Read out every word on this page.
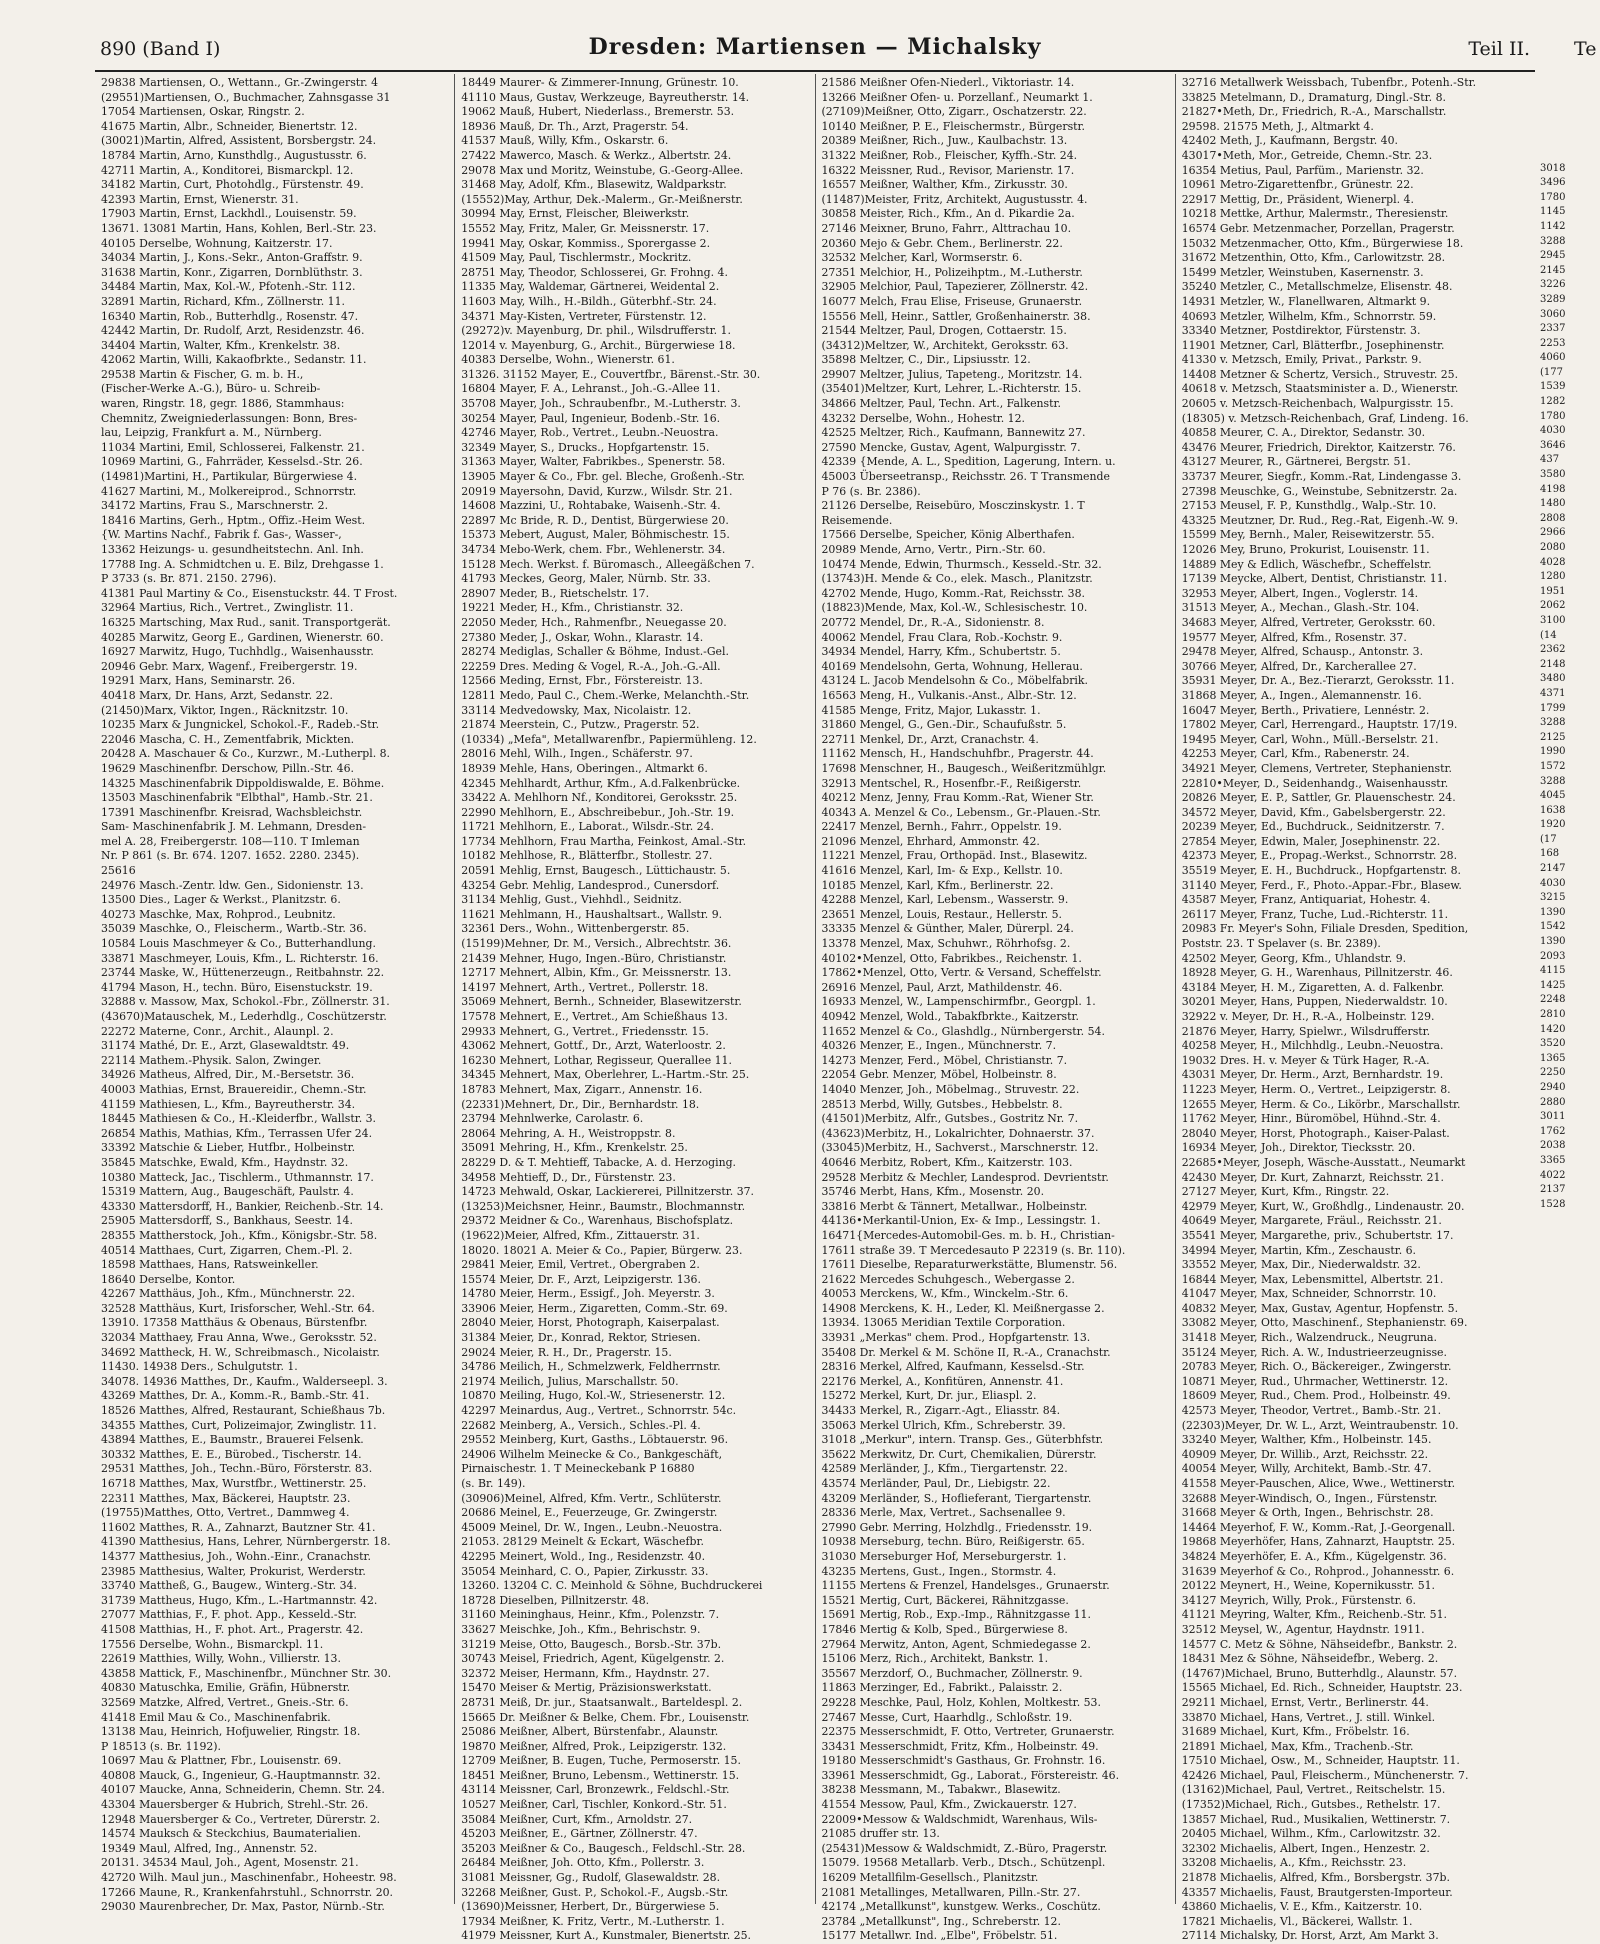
890 (Band I)	Dresden: Martiensen — Michalsky	Teil II. Te
29838 Martiensen, O., Wettann., Gr.-Zwingerstr. 4
(29551)Martiensen, O., Buchmacher, Zahnsgasse 31
17054 Martiensen, Oskar, Ringstr. 2.
41675 Martin, Albr., Schneider, Bienertstr. 12.
(30021)Martin, Alfred, Assistent, Borsbergstr. 24.
18784 Martin, Arno, Kunsthdlg., Augustusstr. 6.
42711 Martin, A., Konditorei, Bismarckpl. 12.
34182 Martin, Curt, Photohdlg., Fürstenstr. 49.
42393 Martin, Ernst, Wienerstr. 31.
17903 Martin, Ernst, Lackhdl., Louisenstr. 59.
13671. 13081 Martin, Hans, Kohlen, Berl.-Str. 23.
40105 Derselbe, Wohnung, Kaitzerstr. 17.
34034 Martin, J., Kons.-Sekr., Anton-Graffstr. 9.
31638 Martin, Konr., Zigarren, Dornblüthstr. 3.
34484 Martin, Max, Kol.-W., Pfotenh.-Str. 112.
32891 Martin, Richard, Kfm., Zöllnerstr. 11.
16340 Martin, Rob., Butterhdlg., Rosenstr. 47.
42442 Martin, Dr. Rudolf, Arzt, Residenzstr. 46.
34404 Martin, Walter, Kfm., Krenkelstr. 38.
42062 Martin, Willi, Kakaofbrkte., Sedanstr. 11.
29538 Martin & Fischer, G. m. b. H.,
(Fischer-Werke A.-G.), Büro- u. Schreib-
waren, Ringstr. 18, gegr. 1886, Stammhaus:
Chemnitz, Zweigniederlassungen: Bonn, Bres-
lau, Leipzig, Frankfurt a. M., Nürnberg.
11034 Martini, Emil, Schlosserei, Falkenstr. 21.
10969 Martini, G., Fahrräder, Kesselsd.-Str. 26.
(14981)Martini, H., Partikular, Bürgerwiese 4.
41627 Martini, M., Molkereiprod., Schnorrstr.
34172 Martins, Frau S., Marschnerstr. 2.
18416 Martins, Gerh., Hptm., Offiz.-Heim West.
{W. Martins Nachf., Fabrik f. Gas-, Wasser-,
13362 Heizungs- u. gesundheitstechn. Anl. Inh.
17788 Ing. A. Schmidtchen u. E. Bilz, Drehgasse 1.
P 3733 (s. Br. 871. 2150. 2796).
41381 Paul Martiny & Co., Eisenstuckstr. 44. T Frost.
32964 Martius, Rich., Vertret., Zwinglistr. 11.
16325 Martsching, Max Rud., sanit. Transportgerät.
40285 Marwitz, Georg E., Gardinen, Wienerstr. 60.
16927 Marwitz, Hugo, Tuchhdlg., Waisenhausstr.
20946 Gebr. Marx, Wagenf., Freibergerstr. 19.
19291 Marx, Hans, Seminarstr. 26.
40418 Marx, Dr. Hans, Arzt, Sedanstr. 22.
(21450)Marx, Viktor, Ingen., Räcknitzstr. 10.
10235 Marx & Jungnickel, Schokol.-F., Radeb.-Str.
22046 Mascha, C. H., Zementfabrik, Mickten.
20428 A. Maschauer & Co., Kurzwr., M.-Lutherpl. 8.
19629 Maschinenfbr. Derschow, Pilln.-Str. 46.
14325 Maschinenfabrik Dippoldiswalde, E. Böhme.
13503 Maschinenfabrik "Elbthal", Hamb.-Str. 21.
17391 Maschinenfbr. Kreisrad, Wachsbleichstr.
Sam- Maschinenfabrik J. M. Lehmann, Dresden-
mel A. 28, Freibergerstr. 108—110. T Imleman
Nr. P 861 (s. Br. 674. 1207. 1652. 2280. 2345).
25616
24976 Masch.-Zentr. ldw. Gen., Sidonienstr. 13.
13500 Dies., Lager & Werkst., Planitzstr. 6.
40273 Maschke, Max, Rohprod., Leubnitz.
35039 Maschke, O., Fleischerm., Wartb.-Str. 36.
10584 Louis Maschmeyer & Co., Butterhandlung.
33871 Maschmeyer, Louis, Kfm., L. Richterstr. 16.
23744 Maske, W., Hüttenerzeugn., Reitbahnstr. 22.
41794 Mason, H., techn. Büro, Eisenstuckstr. 19.
32888 v. Massow, Max, Schokol.-Fbr., Zöllnerstr. 31.
(43670)Matauschek, M., Lederhdlg., Coschützerstr.
22272 Materne, Conr., Archit., Alaunpl. 2.
31174 Mathé, Dr. E., Arzt, Glasewaldtstr. 49.
22114 Mathem.-Physik. Salon, Zwinger.
34926 Matheus, Alfred, Dir., M.-Bersetstr. 36.
40003 Mathias, Ernst, Brauereidir., Chemn.-Str.
41159 Mathiesen, L., Kfm., Bayreutherstr. 34.
18445 Mathiesen & Co., H.-Kleiderfbr., Wallstr. 3.
26854 Mathis, Mathias, Kfm., Terrassen Ufer 24.
33392 Matschie & Lieber, Hutfbr., Holbeinstr.
35845 Matschke, Ewald, Kfm., Haydnstr. 32.
10380 Matteck, Jac., Tischlerm., Uthmannstr. 17.
15319 Mattern, Aug., Baugeschäft, Paulstr. 4.
43330 Mattersdorff, H., Bankier, Reichenb.-Str. 14.
25905 Mattersdorff, S., Bankhaus, Seestr. 14.
28355 Mattherstock, Joh., Kfm., Königsbr.-Str. 58.
40514 Matthaes, Curt, Zigarren, Chem.-Pl. 2.
18598 Matthaes, Hans, Ratsweinkeller.
18640 Derselbe, Kontor.
42267 Matthäus, Joh., Kfm., Münchnerstr. 22.
32528 Matthäus, Kurt, Irisforscher, Wehl.-Str. 64.
13910. 17358 Matthäus & Obenaus, Bürstenfbr.
32034 Matthaey, Frau Anna, Wwe., Geroksstr. 52.
34692 Mattheck, H. W., Schreibmasch., Nicolaistr.
11430. 14938 Ders., Schulgutstr. 1.
34078. 14936 Matthes, Dr., Kaufm., Walderseepl. 3.
43269 Matthes, Dr. A., Komm.-R., Bamb.-Str. 41.
18526 Matthes, Alfred, Restaurant, Schießhaus 7b.
34355 Matthes, Curt, Polizeimajor, Zwinglistr. 11.
43894 Matthes, E., Baumstr., Brauerei Felsenk.
30332 Matthes, E. E., Bürobed., Tischerstr. 14.
29531 Matthes, Joh., Techn.-Büro, Försterstr. 83.
16718 Matthes, Max, Wurstfbr., Wettinerstr. 25.
22311 Matthes, Max, Bäckerei, Hauptstr. 23.
(19755)Matthes, Otto, Vertret., Dammweg 4.
11602 Matthes, R. A., Zahnarzt, Bautzner Str. 41.
41390 Matthesius, Hans, Lehrer, Nürnbergerstr. 18.
14377 Matthesius, Joh., Wohn.-Einr., Cranachstr.
23985 Matthesius, Walter, Prokurist, Werderstr.
33740 Mattheß, G., Baugew., Winterg.-Str. 34.
31739 Mattheus, Hugo, Kfm., L.-Hartmannstr. 42.
27077 Matthias, F., F. phot. App., Kesseld.-Str.
41508 Matthias, H., F. phot. Art., Pragerstr. 42.
17556 Derselbe, Wohn., Bismarckpl. 11.
22619 Matthies, Willy, Wohn., Villierstr. 13.
43858 Mattick, F., Maschinenfbr., Münchner Str. 30.
40830 Matuschka, Emilie, Gräfin, Hübnerstr.
32569 Matzke, Alfred, Vertret., Gneis.-Str. 6.
41418 Emil Mau & Co., Maschinenfabrik.
13138 Mau, Heinrich, Hofjuwelier, Ringstr. 18.
P 18513 (s. Br. 1192).
10697 Mau & Plattner, Fbr., Louisenstr. 69.
40808 Mauck, G., Ingenieur, G.-Hauptmannstr. 32.
40107 Maucke, Anna, Schneiderin, Chemn. Str. 24.
43304 Mauersberger & Hubrich, Strehl.-Str. 26.
12948 Mauersberger & Co., Vertreter, Dürerstr. 2.
14574 Mauksch & Steckchius, Baumaterialien.
19349 Maul, Alfred, Ing., Annenstr. 52.
20131. 34534 Maul, Joh., Agent, Mosenstr. 21.
42720 Wilh. Maul jun., Maschinenfabr., Hoheestr. 98.
17266 Maune, R., Krankenfahrstuhl., Schnorrstr. 20.
29030 Maurenbrecher, Dr. Max, Pastor, Nürnb.-Str.
18449 Maurer- & Zimmerer-Innung, Grünestr. 10.
41110 Maus, Gustav, Werkzeuge, Bayreutherstr. 14.
19062 Mauß, Hubert, Niederlass., Bremerstr. 53.
18936 Mauß, Dr. Th., Arzt, Pragerstr. 54.
41537 Mauß, Willy, Kfm., Oskarstr. 6.
27422 Mawerco, Masch. & Werkz., Albertstr. 24.
29078 Max und Moritz, Weinstube, G.-Georg-Allee.
31468 May, Adolf, Kfm., Blasewitz, Waldparkstr.
(15552)May, Arthur, Dek.-Malerm., Gr.-Meißnerstr.
30994 May, Ernst, Fleischer, Bleiwerkstr.
15552 May, Fritz, Maler, Gr. Meissnerstr. 17.
19941 May, Oskar, Kommiss., Sporergasse 2.
41509 May, Paul, Tischlermstr., Mockritz.
28751 May, Theodor, Schlosserei, Gr. Frohng. 4.
11335 May, Waldemar, Gärtnerei, Weidental 2.
11603 May, Wilh., H.-Bildh., Güterbhf.-Str. 24.
34371 May-Kisten, Vertreter, Fürstenstr. 12.
(29272)v. Mayenburg, Dr. phil., Wilsdrufferstr. 1.
12014 v. Mayenburg, G., Archit., Bürgerwiese 18.
40383 Derselbe, Wohn., Wienerstr. 61.
31326. 31152 Mayer, E., Couvertfbr., Bärenst.-Str. 30.
16804 Mayer, F. A., Lehranst., Joh.-G.-Allee 11.
35708 Mayer, Joh., Schraubenfbr., M.-Lutherstr. 3.
30254 Mayer, Paul, Ingenieur, Bodenb.-Str. 16.
42746 Mayer, Rob., Vertret., Leubn.-Neuostra.
32349 Mayer, S., Drucks., Hopfgartenstr. 15.
31363 Mayer, Walter, Fabrikbes., Spenerstr. 58.
13905 Mayer & Co., Fbr. gel. Bleche, Großenh.-Str.
20919 Mayersohn, David, Kurzw., Wilsdr. Str. 21.
14608 Mazzini, U., Rohtabake, Waisenh.-Str. 4.
22897 Mc Bride, R. D., Dentist, Bürgerwiese 20.
15373 Mebert, August, Maler, Böhmischestr. 15.
34734 Mebo-Werk, chem. Fbr., Wehlenerstr. 34.
15128 Mech. Werkst. f. Büromasch., Alleegäßchen 7.
41793 Meckes, Georg, Maler, Nürnb. Str. 33.
28907 Meder, B., Rietschelstr. 17.
19221 Meder, H., Kfm., Christianstr. 32.
22050 Meder, Hch., Rahmenfbr., Neuegasse 20.
27380 Meder, J., Oskar, Wohn., Klarastr. 14.
28274 Mediglas, Schaller & Böhme, Indust.-Gel.
22259 Dres. Meding & Vogel, R.-A., Joh.-G.-All.
12566 Meding, Ernst, Fbr., Förstereistr. 13.
12811 Medo, Paul C., Chem.-Werke, Melanchth.-Str.
33114 Medvedowsky, Max, Nicolaistr. 12.
21874 Meerstein, C., Putzw., Pragerstr. 52.
(10334) „Mefa", Metallwarenfbr., Papiermühleng. 12.
28016 Mehl, Wilh., Ingen., Schäferstr. 97.
18939 Mehle, Hans, Oberingen., Altmarkt 6.
42345 Mehlhardt, Arthur, Kfm., A.d.Falkenbrücke.
33422 A. Mehlhorn Nf., Konditorei, Geroksstr. 25.
22990 Mehlhorn, E., Abschreibebur., Joh.-Str. 19.
11721 Mehlhorn, E., Laborat., Wilsdr.-Str. 24.
17734 Mehlhorn, Frau Martha, Feinkost, Amal.-Str.
10182 Mehlhose, R., Blätterfbr., Stollestr. 27.
20591 Mehlig, Ernst, Baugesch., Lüttichaustr. 5.
43254 Gebr. Mehlig, Landesprod., Cunersdorf.
31134 Mehlig, Gust., Viehhdl., Seidnitz.
11621 Mehlmann, H., Haushaltsart., Wallstr. 9.
32361 Ders., Wohn., Wittenbergerstr. 85.
(15199)Mehner, Dr. M., Versich., Albrechtstr. 36.
21439 Mehner, Hugo, Ingen.-Büro, Christianstr.
12717 Mehnert, Albin, Kfm., Gr. Meissnerstr. 13.
14197 Mehnert, Arth., Vertret., Pollerstr. 18.
35069 Mehnert, Bernh., Schneider, Blasewitzerstr.
17578 Mehnert, E., Vertret., Am Schießhaus 13.
29933 Mehnert, G., Vertret., Friedensstr. 15.
43062 Mehnert, Gottf., Dr., Arzt, Waterloostr. 2.
16230 Mehnert, Lothar, Regisseur, Queralleе 11.
34345 Mehnert, Max, Oberlehrer, L.-Hartm.-Str. 25.
18783 Mehnert, Max, Zigarr., Annenstr. 16.
(22331)Mehnert, Dr., Dir., Bernhardstr. 18.
23794 Mehnlwerke, Carolastr. 6.
28064 Mehring, A. H., Weistroppstr. 8.
35091 Mehring, H., Kfm., Krenkelstr. 25.
28229 D. & T. Mehtieff, Tabacke, A. d. Herzoging.
34958 Mehtieff, D., Dr., Fürstenstr. 23.
14723 Mehwald, Oskar, Lackiererei, Pillnitzerstr. 37.
(13253)Meichsner, Heinr., Baumstr., Blochmannstr.
29372 Meidner & Co., Warenhaus, Bischofsplatz.
(19622)Meier, Alfred, Kfm., Zittauerstr. 31.
18020. 18021 A. Meier & Co., Papier, Bürgerw. 23.
29841 Meier, Emil, Vertret., Obergraben 2.
15574 Meier, Dr. F., Arzt, Leipzigerstr. 136.
14780 Meier, Herm., Essigf., Joh. Meyerstr. 3.
33906 Meier, Herm., Zigaretten, Comm.-Str. 69.
28040 Meier, Horst, Photograph, Kaiserpalast.
31384 Meier, Dr., Konrad, Rektor, Striesen.
29024 Meier, R. H., Dr., Pragerstr. 15.
34786 Meilich, H., Schmelzwerk, Feldherrnstr.
21974 Meilich, Julius, Marschallstr. 50.
10870 Meiling, Hugo, Kol.-W., Striesenerstr. 12.
42297 Meinardus, Aug., Vertret., Schnorrstr. 54c.
22682 Meinberg, A., Versich., Schles.-Pl. 4.
29552 Meinberg, Kurt, Gasths., Löbtauerstr. 96.
24906 Wilhelm Meinecke & Co., Bankgeschäft,
Pirnaischestr. 1. T Meineckebank P 16880
(s. Br. 149).
(30906)Meinel, Alfred, Kfm. Vertr., Schlüterstr.
20686 Meinel, E., Feuerzeuge, Gr. Zwingerstr.
45009 Meinel, Dr. W., Ingen., Leubn.-Neuostra.
21053. 28129 Meinelt & Eckart, Wäschefbr.
42295 Meinert, Wold., Ing., Residenzstr. 40.
35054 Meinhard, C. O., Papier, Zirkusstr. 33.
13260. 13204 C. C. Meinhold & Söhne, Buchdruckerei
18728 Dieselben, Pillnitzerstr. 48.
31160 Meininghaus, Heinr., Kfm., Polenzstr. 7.
33627 Meischke, Joh., Kfm., Behrischstr. 9.
31219 Meise, Otto, Baugesch., Borsb.-Str. 37b.
30743 Meisel, Friedrich, Agent, Kügelgenstr. 2.
32372 Meiser, Hermann, Kfm., Haydnstr. 27.
15470 Meiser & Mertig, Präzisionswerkstatt.
28731 Meiß, Dr. jur., Staatsanwalt., Barteldespl. 2.
15665 Dr. Meißner & Belke, Chem. Fbr., Louisenstr.
25086 Meißner, Albert, Bürstenfabr., Alaunstr.
19870 Meißner, Alfred, Prok., Leipzigerstr. 132.
12709 Meißner, B. Eugen, Tuche, Permoserstr. 15.
18451 Meißner, Bruno, Lebensm., Wettinerstr. 15.
43114 Meissner, Carl, Bronzewrk., Feldschl.-Str.
10527 Meißner, Carl, Tischler, Konkord.-Str. 51.
35084 Meißner, Curt, Kfm., Arnoldstr. 27.
45203 Meißner, E., Gärtner, Zöllnerstr. 47.
35203 Meißner & Co., Baugesch., Feldschl.-Str. 28.
26484 Meißner, Joh. Otto, Kfm., Pollerstr. 3.
31081 Meissner, Gg., Rudolf, Glasewaldstr. 28.
32268 Meißner, Gust. P., Schokol.-F., Augsb.-Str.
(13690)Meissner, Herbert, Dr., Bürgerwiese 5.
17934 Meißner, K. Fritz, Vertr., M.-Lutherstr. 1.
41979 Meissner, Kurt A., Kunstmaler, Bienertstr. 25.
21586 Meißner Ofen-Niederl., Viktoriastr. 14.
13266 Meißner Ofen- u. Porzellanf., Neumarkt 1.
(27109)Meißner, Otto, Zigarr., Oschatzerstr. 22.
10140 Meißner, P. E., Fleischermstr., Bürgerstr.
20389 Meißner, Rich., Juw., Kaulbachstr. 13.
31322 Meißner, Rob., Fleischer, Kyffh.-Str. 24.
16322 Meissner, Rud., Revisor, Marienstr. 17.
16557 Meißner, Walther, Kfm., Zirkusstr. 30.
(11487)Meister, Fritz, Architekt, Augustusstr. 4.
30858 Meister, Rich., Kfm., An d. Pikardie 2a.
27146 Meixner, Bruno, Fahrr., Alttrachau 10.
20360 Mejo & Gebr. Chem., Berlinerstr. 22.
32532 Melcher, Karl, Wormserstr. 6.
27351 Melchior, H., Polizeihptm., M.-Lutherstr.
32905 Melchior, Paul, Tapezierer, Zöllnerstr. 42.
16077 Melch, Frau Elise, Friseuse, Grunaerstr.
15556 Mell, Heinr., Sattler, Großenhainerstr. 38.
21544 Meltzer, Paul, Drogen, Cottaerstr. 15.
(34312)Meltzer, W., Architekt, Geroksstr. 63.
35898 Meltzer, C., Dir., Lipsiusstr. 12.
29907 Meltzer, Julius, Tapeteng., Moritzstr. 14.
(35401)Meltzer, Kurt, Lehrer, L.-Richterstr. 15.
34866 Meltzer, Paul, Techn. Art., Falkenstr.
43232 Derselbe, Wohn., Hohestr. 12.
42525 Meltzer, Rich., Kaufmann, Bannewitz 27.
27590 Mencke, Gustav, Agent, Walpurgisstr. 7.
42339 {Mende, A. L., Spedition, Lagerung, Intern. u.
45003 Überseetransp., Reichsstr. 26. T Transmende
P 76 (s. Br. 2386).
21126 Derselbe, Reisebüro, Mosczinskystr. 1. T
Reisemende.
17566 Derselbe, Speicher, König Alberthafen.
20989 Mende, Arno, Vertr., Pirn.-Str. 60.
10474 Mende, Edwin, Thurmsch., Kesseld.-Str. 32.
(13743)H. Mende & Co., elek. Masch., Planitzstr.
42702 Mende, Hugo, Komm.-Rat, Reichsstr. 38.
(18823)Mende, Max, Kol.-W., Schlesischestr. 10.
20772 Mendel, Dr., R.-A., Sidonienstr. 8.
40062 Mendel, Frau Clara, Rob.-Kochstr. 9.
34934 Mendel, Harry, Kfm., Schubertstr. 5.
40169 Mendelsohn, Gerta, Wohnung, Hellerau.
43124 L. Jacob Mendelsohn & Co., Möbelfabrik.
16563 Meng, H., Vulkanis.-Anst., Albr.-Str. 12.
41585 Menge, Fritz, Major, Lukasstr. 1.
31860 Mengel, G., Gen.-Dir., Schaufußstr. 5.
22711 Menkel, Dr., Arzt, Cranachstr. 4.
11162 Mensch, H., Handschuhfbr., Pragerstr. 44.
17698 Menschner, H., Baugesch., Weißeritzmühlgr.
32913 Mentschel, R., Hosenfbr.-F., Reißigerstr.
40212 Menz, Jenny, Frau Komm.-Rat, Wiener Str.
40343 A. Menzel & Co., Lebensm., Gr.-Plauen.-Str.
22417 Menzel, Bernh., Fahrr., Oppelstr. 19.
21096 Menzel, Ehrhard, Ammonstr. 42.
11221 Menzel, Frau, Orthopäd. Inst., Blasewitz.
41616 Menzel, Karl, Im- & Exp., Kellstr. 10.
10185 Menzel, Karl, Kfm., Berlinerstr. 22.
42288 Menzel, Karl, Lebensm., Wasserstr. 9.
23651 Menzel, Louis, Restaur., Hellerstr. 5.
33335 Menzel & Günther, Maler, Dürerpl. 24.
13378 Menzel, Max, Schuhwr., Röhrhofsg. 2.
40102•Menzel, Otto, Fabrikbes., Reichenstr. 1.
17862•Menzel, Otto, Vertr. & Versand, Scheffelstr.
26916 Menzel, Paul, Arzt, Mathildenstr. 46.
16933 Menzel, W., Lampenschirmfbr., Georgpl. 1.
40942 Menzel, Wold., Tabakfbrkte., Kaitzerstr.
11652 Menzel & Co., Glashdlg., Nürnbergerstr. 54.
40326 Menzer, E., Ingen., Münchnerstr. 7.
14273 Menzer, Ferd., Möbel, Christianstr. 7.
22054 Gebr. Menzer, Möbel, Holbeinstr. 8.
14040 Menzer, Joh., Möbelmag., Struvestr. 22.
28513 Merbd, Willy, Gutsbes., Hebbelstr. 8.
(41501)Merbitz, Alfr., Gutsbes., Gostritz Nr. 7.
(43623)Merbitz, H., Lokalrichter, Dohnaerstr. 37.
(33045)Merbitz, H., Sachverst., Marschnerstr. 12.
40646 Merbitz, Robert, Kfm., Kaitzerstr. 103.
29528 Merbitz & Mechler, Landesprod. Devrientstr.
35746 Merbt, Hans, Kfm., Mosenstr. 20.
33816 Merbt & Tännert, Metallwar., Holbeinstr.
44136•Merkantil-Union, Ex- & Imp., Lessingstr. 1.
16471{Mercedes-Automobil-Ges. m. b. H., Christian-
17611 straße 39. T Mercedesauto P 22319 (s. Br. 110).
17611 Dieselbe, Reparaturwerkstätte, Blumenstr. 56.
21622 Mercedes Schuhgesch., Webergasse 2.
40053 Merckens, W., Kfm., Winckelm.-Str. 6.
14908 Merckens, K. H., Leder, Kl. Meißnergasse 2.
13934. 13065 Meridian Textile Corporation.
33931 „Merkas" chem. Prod., Hopfgartenstr. 13.
35408 Dr. Merkel & M. Schöne II, R.-A., Cranachstr.
28316 Merkel, Alfred, Kaufmann, Kesselsd.-Str.
22176 Merkel, A., Konfitüren, Annenstr. 41.
15272 Merkel, Kurt, Dr. jur., Eliaspl. 2.
34433 Merkel, R., Zigarr.-Agt., Eliasstr. 84.
35063 Merkel Ulrich, Kfm., Schreberstr. 39.
31018 „Merkur", intern. Transp. Ges., Güterbhfstr.
35622 Merkwitz, Dr. Curt, Chemikalien, Dürerstr.
42589 Merländer, J., Kfm., Tiergartenstr. 22.
43574 Merländer, Paul, Dr., Liebigstr. 22.
43209 Merländer, S., Hoflieferant, Tiergartenstr.
28336 Merle, Max, Vertret., Sachsenallee 9.
27990 Gebr. Merring, Holzhdlg., Friedensstr. 19.
10938 Merseburg, techn. Büro, Reißigerstr. 65.
31030 Merseburger Hof, Merseburgerstr. 1.
43235 Mertens, Gust., Ingen., Stormstr. 4.
11155 Mertens & Frenzel, Handelsges., Grunaerstr.
15521 Mertig, Curt, Bäckerei, Rähnitzgasse.
15691 Mertig, Rob., Exp.-Imp., Rähnitzgasse 11.
17846 Mertig & Kolb, Sped., Bürgerwiese 8.
27964 Merwitz, Anton, Agent, Schmiedegasse 2.
15106 Merz, Rich., Architekt, Bankstr. 1.
35567 Merzdorf, O., Buchmacher, Zöllnerstr. 9.
11863 Merzinger, Ed., Fabrikt., Palaisstr. 2.
29228 Meschke, Paul, Holz, Kohlen, Moltkestr. 53.
27467 Messe, Curt, Haarhdlg., Schloßstr. 19.
22375 Messerschmidt, F. Otto, Vertreter, Grunaerstr.
33431 Messerschmidt, Fritz, Kfm., Holbeinstr. 49.
19180 Messerschmidt's Gasthaus, Gr. Frohnstr. 16.
33961 Messerschmidt, Gg., Laborat., Förstereistr. 46.
38238 Messmann, M., Tabakwr., Blasewitz.
41554 Messow, Paul, Kfm., Zwickauerstr. 127.
22009•Messow & Waldschmidt, Warenhaus, Wils-
21085 druffer str. 13.
(25431)Messow & Waldschmidt, Z.-Büro, Pragerstr.
15079. 19568 Metallarb. Verb., Dtsch., Schützenpl.
16209 Metallfilm-Gesellsch., Planitzstr.
21081 Metallinges, Metallwaren, Pilln.-Str. 27.
42174 „Metallkunst", kunstgew. Werks., Coschütz.
23784 „Metallkunst", Ing., Schreberstr. 12.
15177 Metallwr. Ind. „Elbe", Fröbelstr. 51.
32716 Metallwerk Weissbach, Tubenfbr., Potenh.-Str.
33825 Metelmann, D., Dramaturg, Dingl.-Str. 8.
21827•Meth, Dr., Friedrich, R.-A., Marschallstr.
29598. 21575 Meth, J., Altmarkt 4.
42402 Meth, J., Kaufmann, Bergstr. 40.
43017•Meth, Mor., Getreide, Chemn.-Str. 23.
16354 Metius, Paul, Parfüm., Marienstr. 32.
10961 Metro-Zigarettenfbr., Grünestr. 22.
22917 Mettig, Dr., Präsident, Wienerpl. 4.
10218 Mettke, Arthur, Malermstr., Theresienstr.
16574 Gebr. Metzenmacher, Porzellan, Pragerstr.
15032 Metzenmacher, Otto, Kfm., Bürgerwiese 18.
31672 Metzenthin, Otto, Kfm., Carlowitzstr. 28.
15499 Metzler, Weinstuben, Kasernenstr. 3.
35240 Metzler, C., Metallschmelze, Elisenstr. 48.
14931 Metzler, W., Flanellwaren, Altmarkt 9.
40693 Metzler, Wilhelm, Kfm., Schnorrstr. 59.
33340 Metzner, Postdirektor, Fürstenstr. 3.
11901 Metzner, Carl, Blätterfbr., Josephinenstr.
41330 v. Metzsch, Emily, Privat., Parkstr. 9.
14408 Metzner & Schertz, Versich., Struvestr. 25.
40618 v. Metzsch, Staatsminister a. D., Wienerstr.
20605 v. Metzsch-Reichenbach, Walpurgisstr. 15.
(18305) v. Metzsch-Reichenbach, Graf, Lindeng. 16.
40858 Meurer, C. A., Direktor, Sedanstr. 30.
43476 Meurer, Friedrich, Direktor, Kaitzerstr. 76.
43127 Meurer, R., Gärtnerei, Bergstr. 51.
33737 Meurer, Siegfr., Komm.-Rat, Lindengasse 3.
27398 Meuschke, G., Weinstube, Sebnitzerstr. 2a.
27153 Meusel, F. P., Kunsthdlg., Walp.-Str. 10.
43325 Meutzner, Dr. Rud., Reg.-Rat, Eigenh.-W. 9.
15599 Mey, Bernh., Maler, Reisewitzerstr. 55.
12026 Mey, Bruno, Prokurist, Louisenstr. 11.
14889 Mey & Edlich, Wäschefbr., Scheffelstr.
17139 Meycke, Albert, Dentist, Christianstr. 11.
32953 Meyer, Albert, Ingen., Voglerstr. 14.
31513 Meyer, A., Mechan., Glash.-Str. 104.
34683 Meyer, Alfred, Vertreter, Geroksstr. 60.
19577 Meyer, Alfred, Kfm., Rosenstr. 37.
29478 Meyer, Alfred, Schausp., Antonstr. 3.
30766 Meyer, Alfred, Dr., Karcherallee 27.
35931 Meyer, Dr. A., Bez.-Tierarzt, Geroksstr. 11.
31868 Meyer, A., Ingen., Alemannenstr. 16.
16047 Meyer, Berth., Privatiere, Lennéstr. 2.
17802 Meyer, Carl, Herrengard., Hauptstr. 17/19.
19495 Meyer, Carl, Wohn., Müll.-Berselstr. 21.
42253 Meyer, Carl, Kfm., Rabenerstr. 24.
34921 Meyer, Clemens, Vertreter, Stephanienstr.
22810•Meyer, D., Seidenhandg., Waisenhausstr.
20826 Meyer, E. P., Sattler, Gr. Plauenschestr. 24.
34572 Meyer, David, Kfm., Gabelsbergerstr. 22.
20239 Meyer, Ed., Buchdruck., Seidnitzerstr. 7.
27854 Meyer, Edwin, Maler, Josephinenstr. 22.
42373 Meyer, E., Propag.-Werkst., Schnorrstr. 28.
35519 Meyer, E. H., Buchdruck., Hopfgartenstr. 8.
31140 Meyer, Ferd., F., Photo.-Appar.-Fbr., Blasew.
43587 Meyer, Franz, Antiquariat, Hohestr. 4.
26117 Meyer, Franz, Tuche, Lud.-Richterstr. 11.
20983 Fr. Meyer's Sohn, Filiale Dresden, Spedition,
Poststr. 23. T Spelaver (s. Br. 2389).
42502 Meyer, Georg, Kfm., Uhlandstr. 9.
18928 Meyer, G. H., Warenhaus, Pillnitzerstr. 46.
43184 Meyer, H. M., Zigaretten, A. d. Falkenbr.
30201 Meyer, Hans, Puppen, Niederwaldstr. 10.
32922 v. Meyer, Dr. H., R.-A., Holbeinstr. 129.
21876 Meyer, Harry, Spielwr., Wilsdrufferstr.
40258 Meyer, H., Milchhdlg., Leubn.-Neuostra.
19032 Dres. H. v. Meyer & Türk Hager, R.-A.
43031 Meyer, Dr. Herm., Arzt, Bernhardstr. 19.
11223 Meyer, Herm. O., Vertret., Leipzigerstr. 8.
12655 Meyer, Herm. & Co., Likörbr., Marschallstr.
11762 Meyer, Hinr., Büromöbel, Hühnd.-Str. 4.
28040 Meyer, Horst, Photograph., Kaiser-Palast.
16934 Meyer, Joh., Direktor, Tiecksstr. 20.
22685•Meyer, Joseph, Wäsche-Ausstatt., Neumarkt
42430 Meyer, Dr. Kurt, Zahnarzt, Reichsstr. 21.
27127 Meyer, Kurt, Kfm., Ringstr. 22.
42979 Meyer, Kurt, W., Großhdlg., Lindenaustr. 20.
40649 Meyer, Margarete, Fräul., Reichsstr. 21.
35541 Meyer, Margarethe, priv., Schubertstr. 17.
34994 Meyer, Martin, Kfm., Zeschaustr. 6.
33552 Meyer, Max, Dir., Niederwaldstr. 32.
16844 Meyer, Max, Lebensmittel, Albertstr. 21.
41047 Meyer, Max, Schneider, Schnorrstr. 10.
40832 Meyer, Max, Gustav, Agentur, Hopfenstr. 5.
33082 Meyer, Otto, Maschinenf., Stephanienstr. 69.
31418 Meyer, Rich., Walzendruck., Neugruna.
35124 Meyer, Rich. A. W., Industrieerzeugnisse.
20783 Meyer, Rich. O., Bäckereiger., Zwingerstr.
10871 Meyer, Rud., Uhrmacher, Wettinerstr. 12.
18609 Meyer, Rud., Chem. Prod., Holbeinstr. 49.
42573 Meyer, Theodor, Vertret., Bamb.-Str. 21.
(22303)Meyer, Dr. W. L., Arzt, Weintraubenstr. 10.
33240 Meyer, Walther, Kfm., Holbeinstr. 145.
40909 Meyer, Dr. Willib., Arzt, Reichsstr. 22.
40054 Meyer, Willy, Architekt, Bamb.-Str. 47.
41558 Meyer-Pauschen, Alice, Wwe., Wettinerstr.
32688 Meyer-Windisch, O., Ingen., Fürstenstr.
31668 Meyer & Orth, Ingen., Behrischstr. 28.
14464 Meyerhof, F. W., Komm.-Rat, J.-Georgenall.
19868 Meyerhöfer, Hans, Zahnarzt, Hauptstr. 25.
34824 Meyerhöfer, E. A., Kfm., Kügelgenstr. 36.
31639 Meyerhof & Co., Rohprod., Johannesstr. 6.
20122 Meynert, H., Weine, Kopernikusstr. 51.
34127 Meyrich, Willy, Prok., Fürstenstr. 6.
41121 Meyring, Walter, Kfm., Reichenb.-Str. 51.
32512 Meysel, W., Agentur, Haydnstr. 1911.
14577 C. Metz & Söhne, Nähseidefbr., Bankstr. 2.
18431 Mez & Söhne, Nähseidefbr., Weberg. 2.
(14767)Michael, Bruno, Butterhdlg., Alaunstr. 57.
15565 Michael, Ed. Rich., Schneider, Hauptstr. 23.
29211 Michael, Ernst, Vertr., Berlinerstr. 44.
33870 Michael, Hans, Vertret., J. still. Winkel.
31689 Michael, Kurt, Kfm., Fröbelstr. 16.
21891 Michael, Max, Kfm., Trachenb.-Str.
17510 Michael, Osw., M., Schneider, Hauptstr. 11.
42426 Michael, Paul, Fleischerm., Münchenerstr. 7.
(13162)Michael, Paul, Vertret., Reitschelstr. 15.
(17352)Michael, Rich., Gutsbes., Rethelstr. 17.
13857 Michael, Rud., Musikalien, Wettinerstr. 7.
20405 Michael, Wilhm., Kfm., Carlowitzstr. 32.
32302 Michaelis, Albert, Ingen., Henzestr. 2.
33208 Michaelis, A., Kfm., Reichsstr. 23.
21878 Michaelis, Alfred, Kfm., Borsbergstr. 37b.
43357 Michaelis, Faust, Brautgersten-Importeur.
43860 Michaelis, V. E., Kfm., Kaitzerstr. 10.
17821 Michaelis, Vl., Bäckerei, Wallstr. 1.
27114 Michalsky, Dr. Horst, Arzt, Am Markt 3.

3018
3496
1780
1145
1142
3288
2945
2145
3226
3289
3060
2337
2253
4060
(177
1539
1282
1780
4030
3646
437
3580
4198
1480
2808
2966
2080
4028
1280
1951
2062
3100
(14
2362
2148
3480
4371
1799
3288
2125
1990
1572
3288
4045
1638
1920
(17
168
2147
4030
3215
1390
1542
1390
2093
4115
1425
2248
2810
1420
3520
1365
2250
2940
2880
3011
1762
2038
3365
4022
2137
1528
